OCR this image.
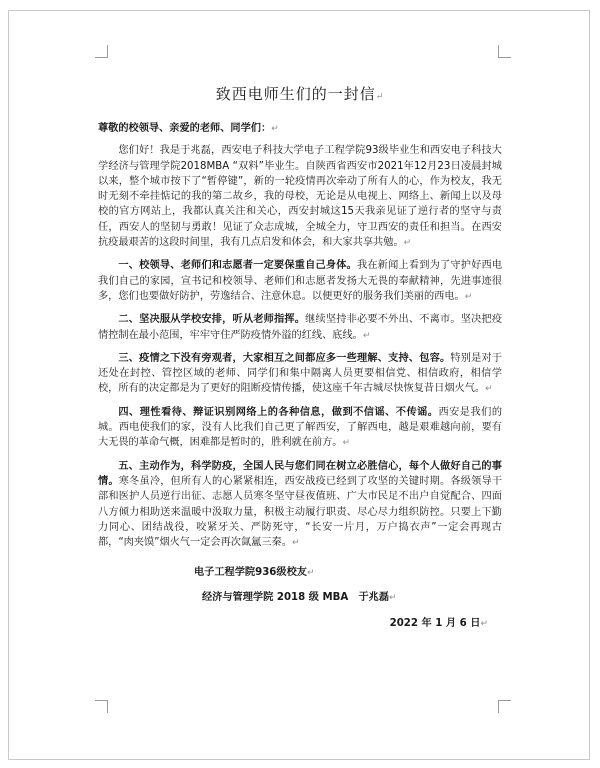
致西电师生们的一封信↵

尊敬的校领导、亲爱的老师、同学们：↵

您们好！我是于兆磊，西安电子科技大学电子工程学院93级毕业生和西安电子科技大学经济与管理学院2018MBA “双料”毕业生。自陕西省西安市2021年12月23日凌晨封城以来，整个城市按下了“暂停键”，新的一轮疫情再次牵动了所有人的心，作为校友，我无时无刻不牵挂惦记的我的第二故乡，我的母校，无论是从电视上、网络上、新闻上以及母校的官方网站上，我都认真关注和关心，西安封城这15天我亲见证了逆行者的坚守与责任，西安人的坚韧与勇敢！见证了众志成城，全城全力，守卫西安的责任和担当。在西安抗疫最艰苦的这段时间里，我有几点启发和体会，和大家共享共勉。↵

一、校领导、老师们和志愿者一定要保重自己身体。我在新闻上看到为了守护好西电我们自己的家园，宣书记和校领导、老师们和志愿者发扬大无畏的奉献精神，先进事迹很多，您们也要做好防护，劳逸结合、注意休息。以便更好的服务我们美丽的西电。↵

二、坚决服从学校安排，听从老师指挥。继续坚持非必要不外出、不离市。坚决把疫情控制在最小范围，牢牢守住严防疫情外溢的红线、底线。↵

三、疫情之下没有旁观者，大家相互之间都应多一些理解、支持、包容。特别是对于还处在封控、管控区域的老师、同学们和集中隔离人员更要相信党、相信政府，相信学校，所有的决定都是为了更好的阻断疫情传播，使这座千年古城尽快恢复昔日烟火气。↵

四、理性看待、辩证识别网络上的各种信息，做到不信谣、不传谣。西安是我们的城。西电使我们的家，没有人比我们自己更了解西安，了解西电，越是艰难越向前，要有大无畏的革命气概，困难都是暂时的，胜利就在前方。↵

五、主动作为，科学防疫，全国人民与您们同在树立必胜信心，每个人做好自己的事情。寒冬虽冷，但所有人的心紧紧相连，西安战疫已经到了攻坚的关键时期。各级领导干部和医护人员逆行出征、志愿人员寒冬坚守昼夜值班、广大市民足不出户自觉配合、四面八方倾力相助送来温暖中汲取力量，积极主动履行职责、尽心尽力组织防控。只要上下勤力同心、团结战役，咬紧牙关、严防死守，“长安一片月，万户捣衣声”一定会再现古都，“肉夹馍”烟火气一定会再次氤氲三秦。↵

电子工程学院936级校友↵

经济与管理学院 2018 级 MBA　于兆磊↵

2022 年 1 月 6 日↵
